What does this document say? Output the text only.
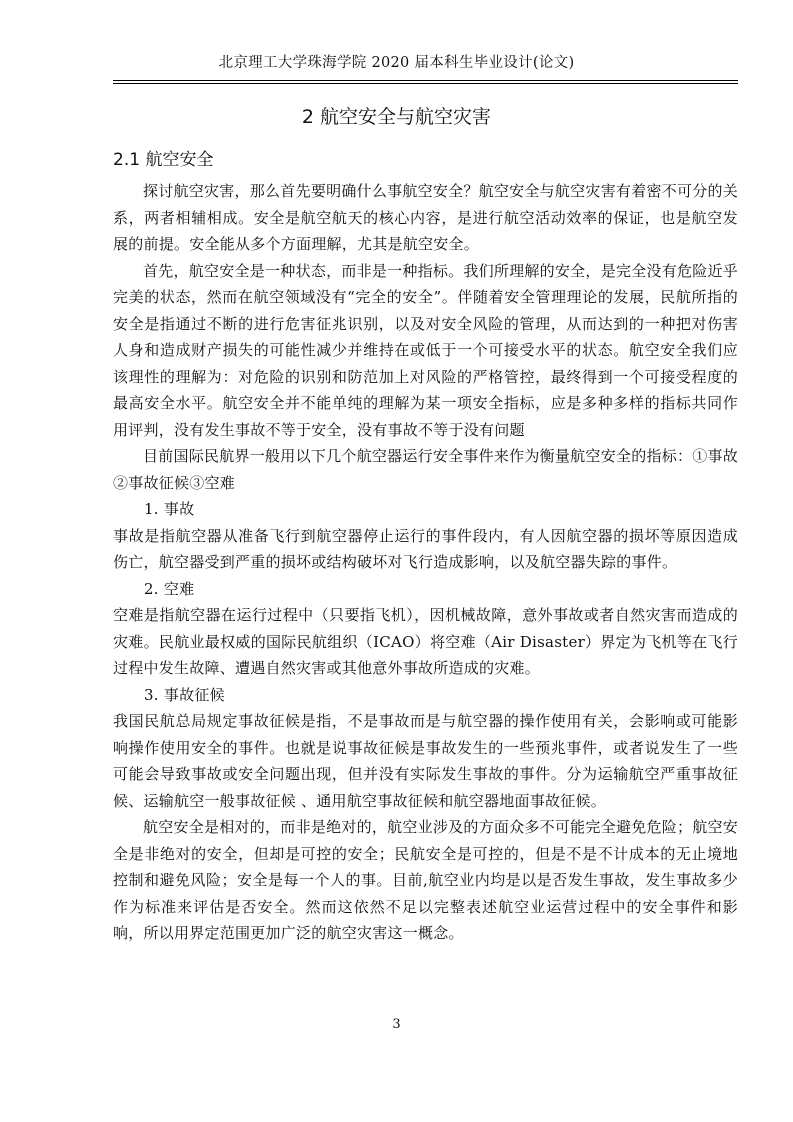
北京理工大学珠海学院 2020 届本科生毕业设计(论文)
2 航空安全与航空灾害
2.1 航空安全

探讨航空灾害，那么首先要明确什么事航空安全？航空安全与航空灾害有着密不可分的关系，两者相辅相成。安全是航空航天的核心内容，是进行航空活动效率的保证，也是航空发展的前提。安全能从多个方面理解，尤其是航空安全。

首先，航空安全是一种状态，而非是一种指标。我们所理解的安全，是完全没有危险近乎完美的状态，然而在航空领域没有“完全的安全”。伴随着安全管理理论的发展，民航所指的安全是指通过不断的进行危害征兆识别，以及对安全风险的管理，从而达到的一种把对伤害人身和造成财产损失的可能性减少并维持在或低于一个可接受水平的状态。航空安全我们应该理性的理解为：对危险的识别和防范加上对风险的严格管控，最终得到一个可接受程度的最高安全水平。航空安全并不能单纯的理解为某一项安全指标，应是多种多样的指标共同作用评判，没有发生事故不等于安全，没有事故不等于没有问题

目前国际民航界一般用以下几个航空器运行安全事件来作为衡量航空安全的指标：①事故②事故征候③空难

1. 事故

事故是指航空器从准备飞行到航空器停止运行的事件段内，有人因航空器的损坏等原因造成伤亡，航空器受到严重的损坏或结构破坏对飞行造成影响，以及航空器失踪的事件。

2. 空难

空难是指航空器在运行过程中（只要指飞机），因机械故障，意外事故或者自然灾害而造成的灾难。民航业最权威的国际民航组织（ICAO）将空难（Air Disaster）界定为飞机等在飞行过程中发生故障、遭遇自然灾害或其他意外事故所造成的灾难。

3. 事故征候

我国民航总局规定事故征候是指，不是事故而是与航空器的操作使用有关，会影响或可能影响操作使用安全的事件。也就是说事故征候是事故发生的一些预兆事件，或者说发生了一些可能会导致事故或安全问题出现，但并没有实际发生事故的事件。分为运输航空严重事故征候、运输航空一般事故征候 、通用航空事故征候和航空器地面事故征候。

航空安全是相对的，而非是绝对的，航空业涉及的方面众多不可能完全避免危险；航空安全是非绝对的安全，但却是可控的安全；民航安全是可控的，但是不是不计成本的无止境地控制和避免风险；安全是每一个人的事。目前,航空业内均是以是否发生事故，发生事故多少作为标准来评估是否安全。然而这依然不足以完整表述航空业运营过程中的安全事件和影响，所以用界定范围更加广泛的航空灾害这一概念。

3
